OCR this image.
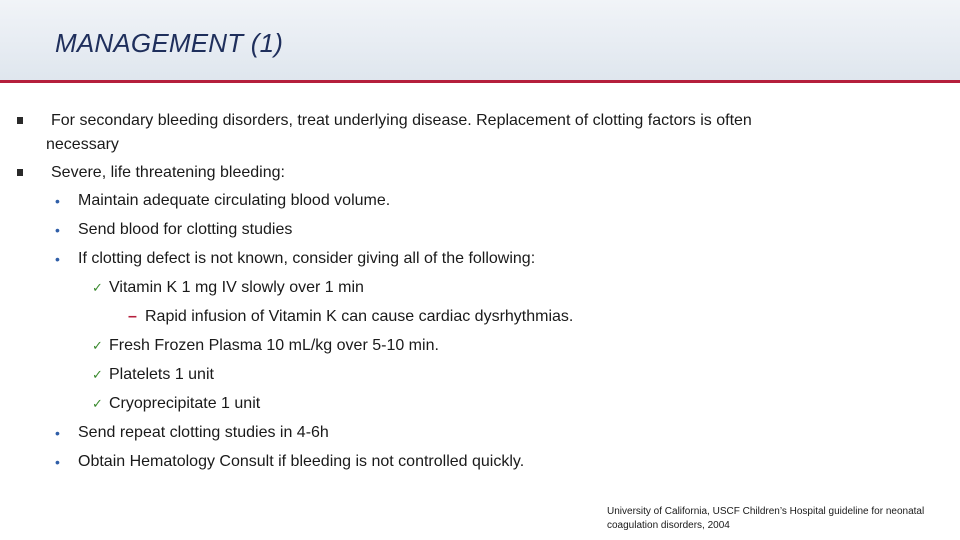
MANAGEMENT (1)
For secondary bleeding disorders, treat underlying disease. Replacement of clotting factors is often
necessary
Severe, life threatening bleeding:
• Maintain adequate circulating blood volume.
• Send blood for clotting studies
• If clotting defect is not known, consider giving all of the following:
✓ Vitamin K 1 mg IV slowly over 1 min
– Rapid infusion of Vitamin K can cause cardiac dysrhythmias.
✓ Fresh Frozen Plasma 10 mL/kg over 5-10 min.
✓ Platelets 1 unit
✓ Cryoprecipitate 1 unit
• Send repeat clotting studies in 4-6h
• Obtain Hematology Consult if bleeding is not controlled quickly.
University of California, USCF Children’s Hospital guideline for neonatal coagulation disorders, 2004
